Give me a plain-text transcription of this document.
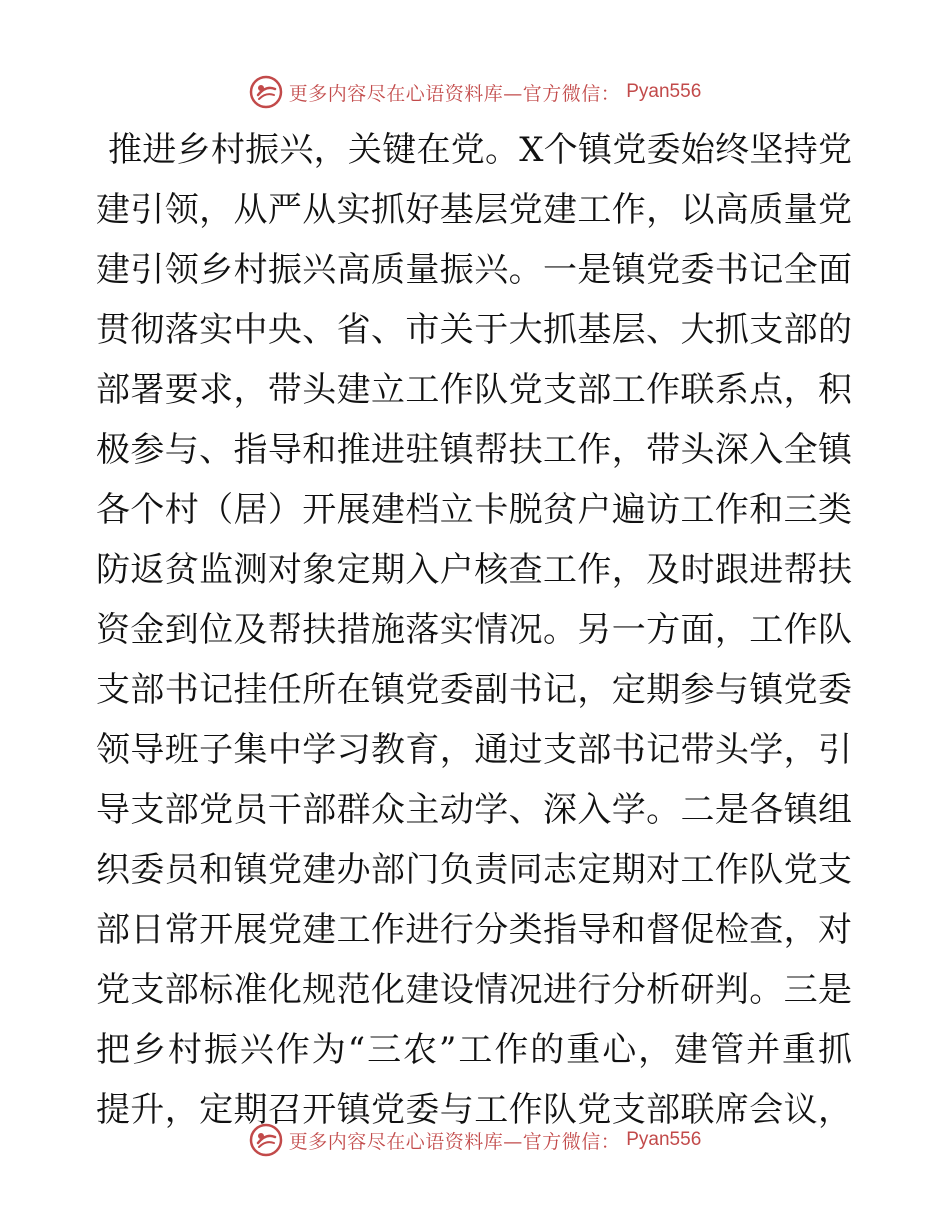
更多内容尽在心语资料库—官方微信： Pyan556
推进乡村振兴，关键在党。X个镇党委始终坚持党
建引领，从严从实抓好基层党建工作，以高质量党
建引领乡村振兴高质量振兴。一是镇党委书记全面
贯彻落实中央、省、市关于大抓基层、大抓支部的
部署要求，带头建立工作队党支部工作联系点，积
极参与、指导和推进驻镇帮扶工作，带头深入全镇
各个村（居）开展建档立卡脱贫户遍访工作和三类
防返贫监测对象定期入户核查工作，及时跟进帮扶
资金到位及帮扶措施落实情况。另一方面，工作队
支部书记挂任所在镇党委副书记，定期参与镇党委
领导班子集中学习教育，通过支部书记带头学，引
导支部党员干部群众主动学、深入学。二是各镇组
织委员和镇党建办部门负责同志定期对工作队党支
部日常开展党建工作进行分类指导和督促检查，对
党支部标准化规范化建设情况进行分析研判。三是
把乡村振兴作为“三农”工作的重心，建管并重抓
提升，定期召开镇党委与工作队党支部联席会议，
更多内容尽在心语资料库—官方微信： Pyan556
